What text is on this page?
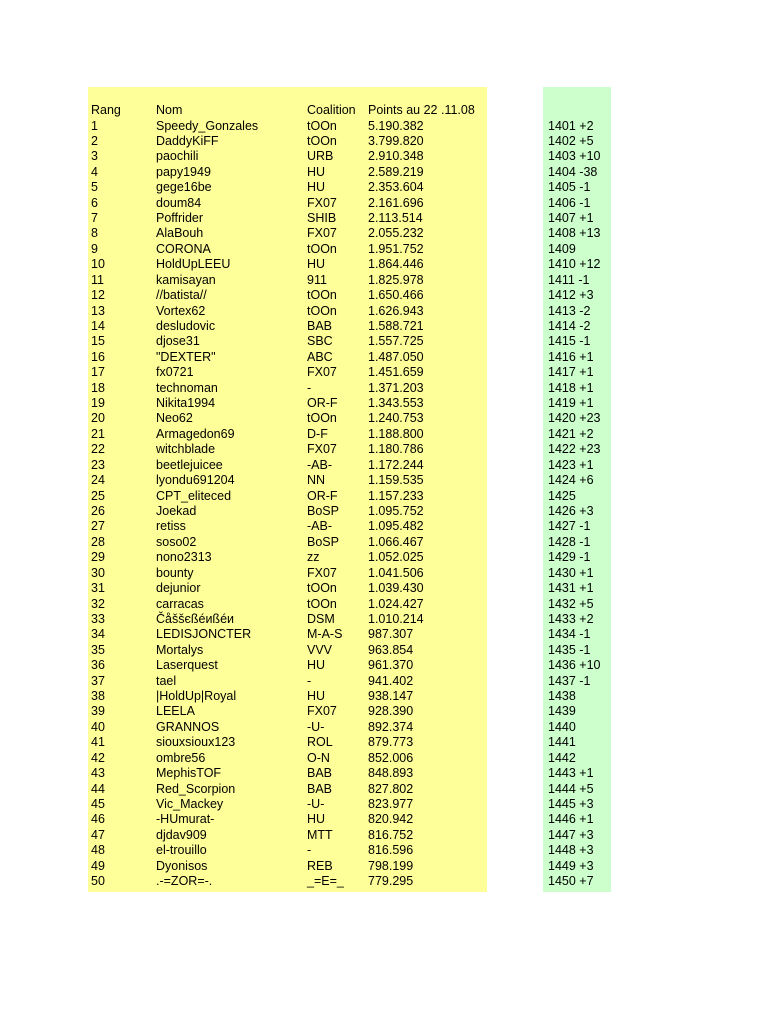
Rang	Nom	Coalition Points au 22 .11.08
1	Speedy_Gonzales	tOOn 5.190.382	1401 +2
2	DaddyKiFF	tOOn 3.799.820	1402 +5
3	paochili	URB	2.910.348	1403 +10
4	papy1949	HU	2.589.219	1404 -38
5	gege16be	HU	2.353.604	1405 -1
6	doum84	FX07 2.161.696	1406 -1
7	Poffrider	SHIB	2.113.514	1407 +1
8	AlaBouh	FX07 2.055.232	1408 +13
9	CORONA	tOOn 1.951.752	1409
10	HoldUpLEEU	HU	1.864.446	1410 +12
11	kamisayan	911	1.825.978	1411 -1
12	//batista//	tOOn 1.650.466	1412 +3
13	Vortex62	tOOn 1.626.943	1413 -2
14	desludovic	BAB	1.588.721	1414 -2
15	djose31	SBC	1.557.725	1415 -1
16	"DEXTER"	ABC	1.487.050	1416 +1
17	fx0721	FX07 1.451.659	1417 +1
18	technoman	-	1.371.203	1418 +1
19	Nikita1994	OR-F 1.343.553	1419 +1
20	Neo62	tOOn 1.240.753	1420 +23
21	Armagedon69	D-F	1.188.800	1421 +2
22	witchblade	FX07 1.180.786	1422 +23
23	beetlejuicee	-AB-	1.172.244	1423 +1
24	lyondu691204	NN	1.159.535	1424 +6
25	CPT_eliteced	OR-F 1.157.233	1425
26	Joekad	BoSP 1.095.752	1426 +3
27	retiss	-AB-	1.095.482	1427 -1
28	soso02	BoSP 1.066.467	1428 -1
29	nono2313	zz	1.052.025	1429 -1
30	bounty	FX07 1.041.506	1430 +1
31	dejunior	tOOn 1.039.430	1431 +1
32	carracas	tOOn 1.024.427	1432 +5
33	Čåššєßéиßéи	DSM	1.010.214	1433 +2
34	LEDISJONCTER	M-A-S 987.307	1434 -1
35	Mortalys	VVV	963.854	1435 -1
36	Laserquest	HU	961.370	1436 +10
37	tael	-	941.402	1437 -1
38	|HoldUp|Royal	HU	938.147	1438
39	LEELA	FX07 928.390	1439
40	GRANNOS	-U-	892.374	1440
41	siouxsioux123	ROL	879.773	1441
42	ombre56	O-N	852.006	1442
43	MephisTOF	BAB	848.893	1443 +1
44	Red_Scorpion	BAB	827.802	1444 +5
45	Vic_Mackey	-U-	823.977	1445 +3
46	-HUmurat-	HU	820.942	1446 +1
47	djdav909	MTT	816.752	1447 +3
48	el-trouillo	-	816.596	1448 +3
49	Dyonisos	REB	798.199	1449 +3
50	.-=ZOR=-.	_=E=_ 779.295	1450 +7
